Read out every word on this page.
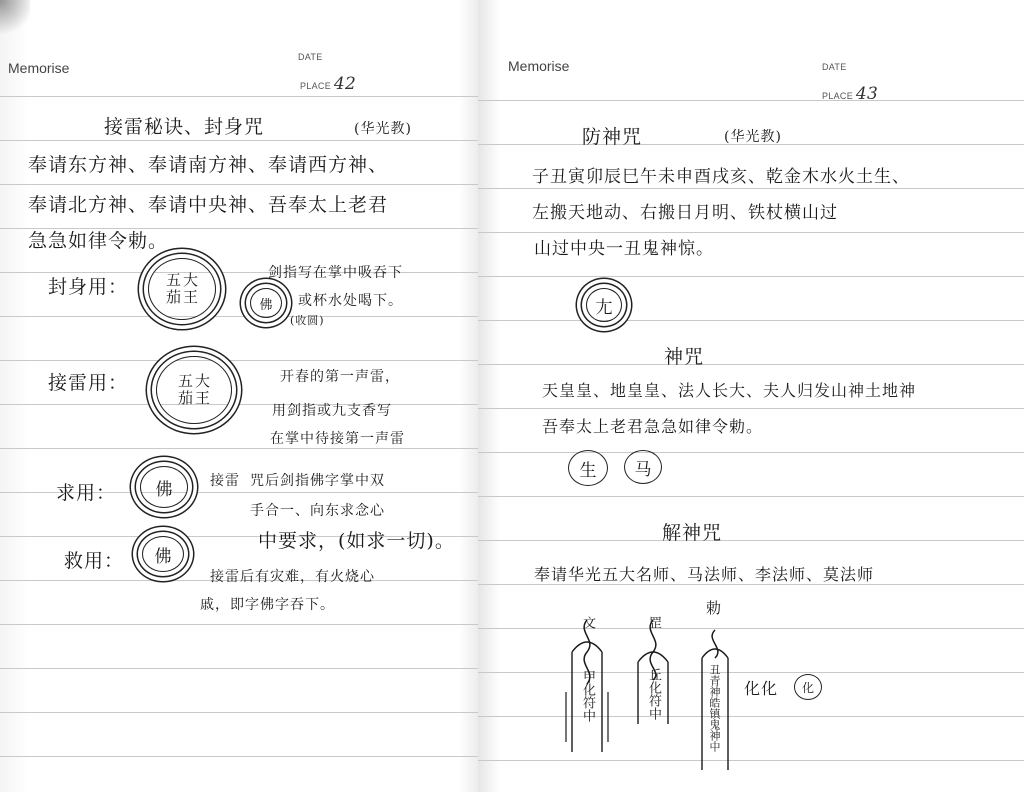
Memorise
DATE
PLACE 42
接雷秘诀、封身咒	(华光教)
奉请东方神、奉请南方神、奉请西方神、
奉请北方神、奉请中央神、吾奉太上老君
急急如律令勅。
封身用：	五 大
茄 王	佛
剑指写在掌中吸吞下
或杯水处喝下。
(收圆)
接雷用：	五 大
茄 王
开春的第一声雷，
用剑指或九支香写
在掌中待接第一声雷
求用： 佛	接雷 咒后剑指佛字掌中双
手合一、向东求念心
中要求，(如求一切)。
救用： 佛
接雷后有灾难，有火烧心
戚，即字佛字吞下。
Memorise	DATE
PLACE 43
防神咒	(华光教)
子丑寅卯辰巳午未申酉戌亥、乾金木水火土生、
左搬天地动、右搬日月明、铁杖横山过
山过中央一丑鬼神惊。
尢
神咒
天皇皇、地皇皇、法人长大、夫人归发山神土地神
吾奉太上老君急急如律令勅。
生 马
解神咒
奉请华光五大名师、马法师、李法师、莫法师
文
甲化符中
罡
丘化符中
勅
丑青神皓镇鬼神中 化化 化
